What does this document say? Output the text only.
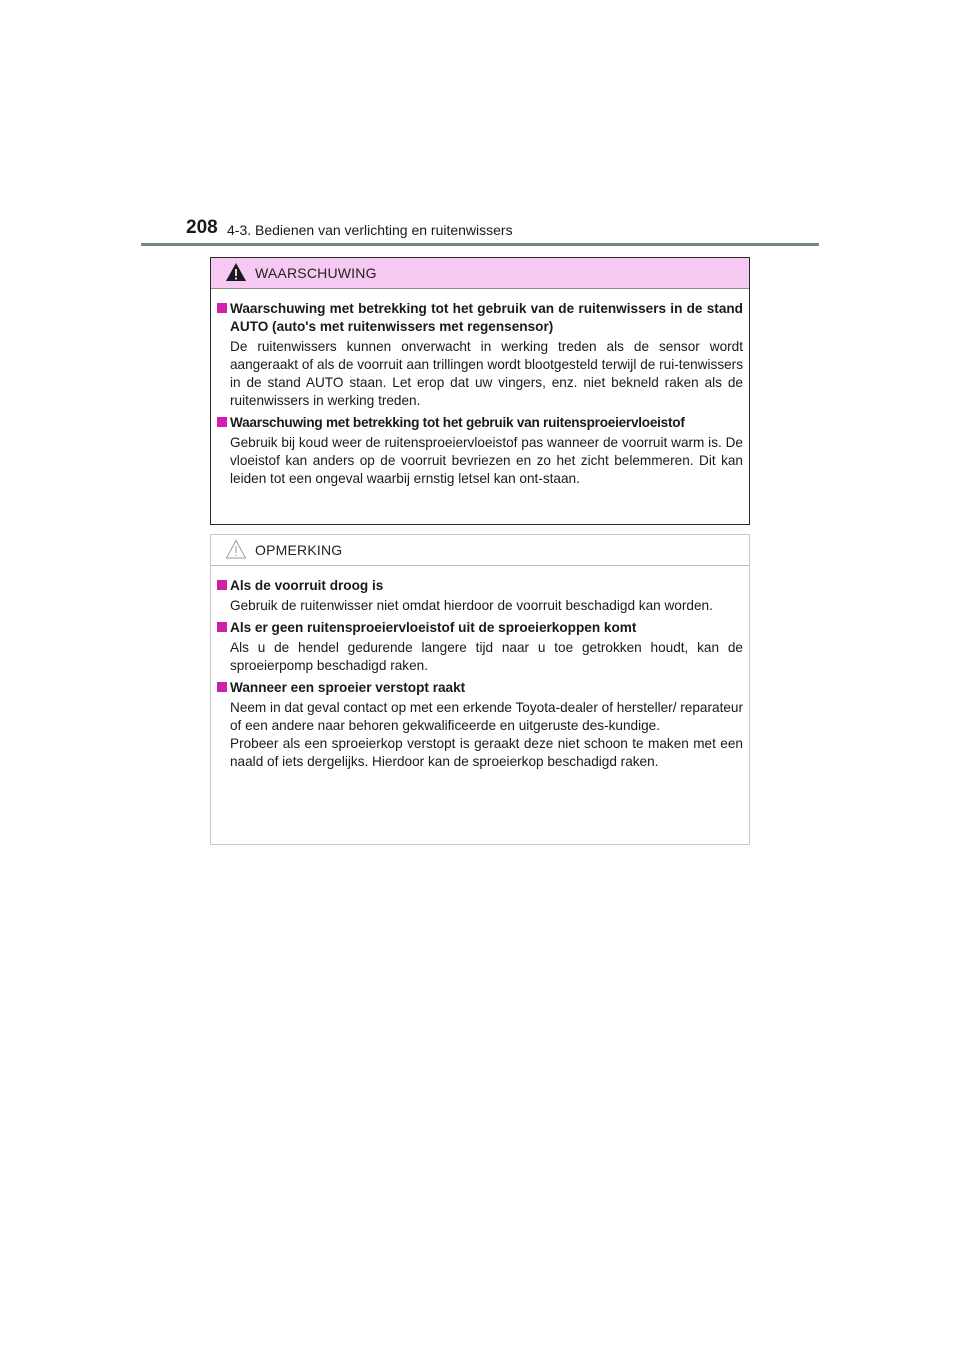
208 4-3. Bedienen van verlichting en ruitenwissers
WAARSCHUWING
Waarschuwing met betrekking tot het gebruik van de ruitenwissers in de stand AUTO (auto's met ruitenwissers met regensensor)
De ruitenwissers kunnen onverwacht in werking treden als de sensor wordt aangeraakt of als de voorruit aan trillingen wordt blootgesteld terwijl de rui-tenwissers in de stand AUTO staan. Let erop dat uw vingers, enz. niet bekneld raken als de ruitenwissers in werking treden.
Waarschuwing met betrekking tot het gebruik van ruitensproeiervloeistof
Gebruik bij koud weer de ruitensproeiervloeistof pas wanneer de voorruit warm is. De vloeistof kan anders op de voorruit bevriezen en zo het zicht belemmeren. Dit kan leiden tot een ongeval waarbij ernstig letsel kan ont-staan.
OPMERKING
Als de voorruit droog is
Gebruik de ruitenwisser niet omdat hierdoor de voorruit beschadigd kan worden.
Als er geen ruitensproeiervloeistof uit de sproeierkoppen komt
Als u de hendel gedurende langere tijd naar u toe getrokken houdt, kan de sproeierpomp beschadigd raken.
Wanneer een sproeier verstopt raakt
Neem in dat geval contact op met een erkende Toyota-dealer of hersteller/ reparateur of een andere naar behoren gekwalificeerde en uitgeruste des-kundige.
Probeer als een sproeierkop verstopt is geraakt deze niet schoon te maken met een naald of iets dergelijks. Hierdoor kan de sproeierkop beschadigd raken.
